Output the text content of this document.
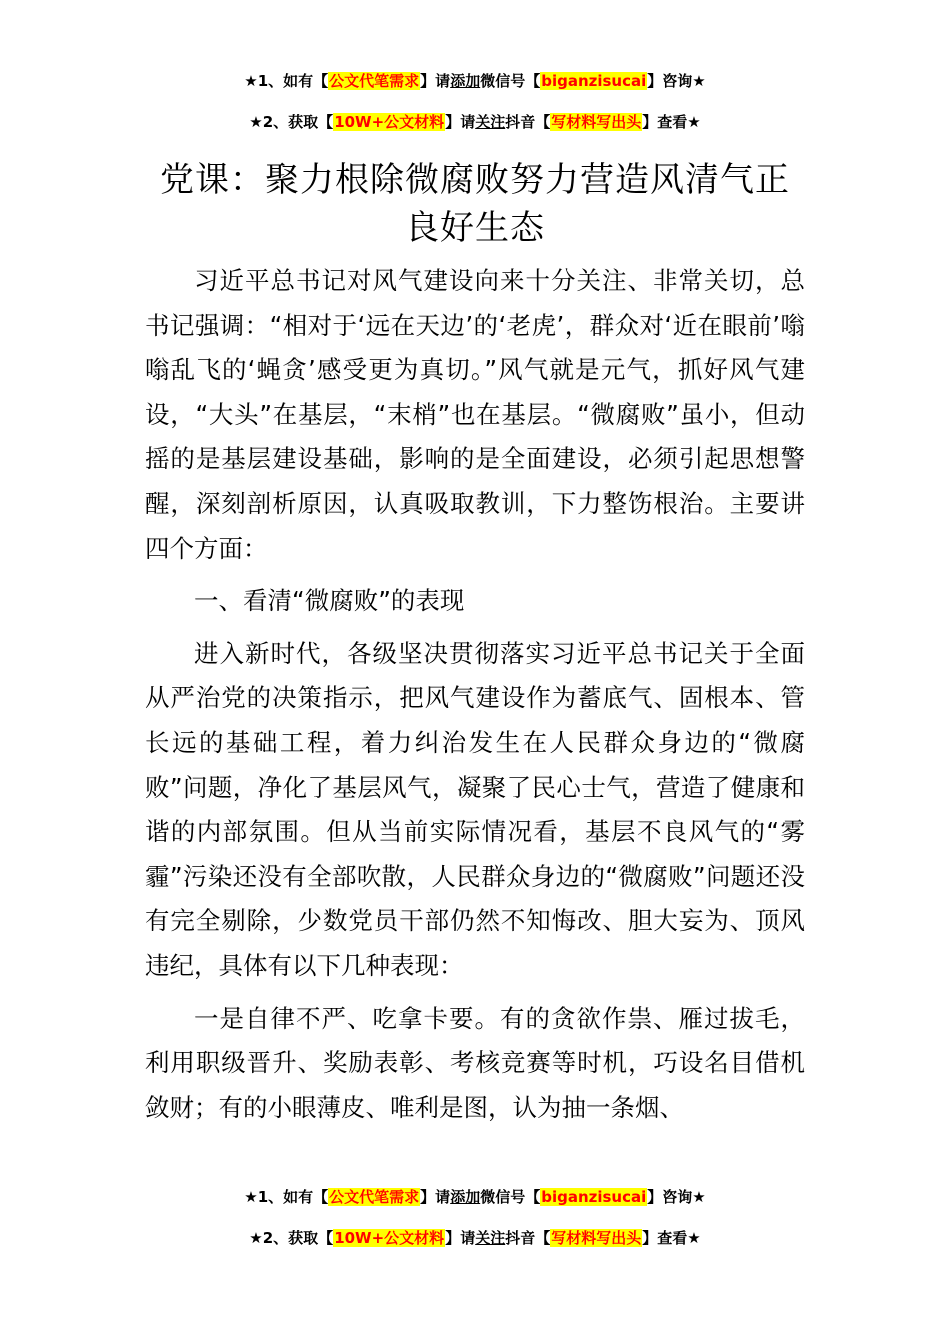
★1、如有【公文代笔需求】请添加微信号【biganzisucai】咨询★
★2、获取【10W+公文材料】请关注抖音【写材料写出头】查看★
党课：聚力根除微腐败努力营造风清气正良好生态

习近平总书记对风气建设向来十分关注、非常关切，总书记强调：“相对于‘远在天边’的‘老虎’，群众对‘近在眼前’嗡嗡乱飞的‘蝇贪’感受更为真切。”风气就是元气，抓好风气建设，“大头”在基层，“末梢”也在基层。“微腐败”虽小，但动摇的是基层建设基础，影响的是全面建设，必须引起思想警醒，深刻剖析原因，认真吸取教训，下力整饬根治。主要讲四个方面：

一、看清“微腐败”的表现

进入新时代，各级坚决贯彻落实习近平总书记关于全面从严治党的决策指示，把风气建设作为蓄底气、固根本、管长远的基础工程，着力纠治发生在人民群众身边的“微腐败”问题，净化了基层风气，凝聚了民心士气，营造了健康和谐的内部氛围。但从当前实际情况看，基层不良风气的“雾霾”污染还没有全部吹散，人民群众身边的“微腐败”问题还没有完全剔除，少数党员干部仍然不知悔改、胆大妄为、顶风违纪，具体有以下几种表现：

一是自律不严、吃拿卡要。有的贪欲作祟、雁过拔毛，利用职级晋升、奖励表彰、考核竞赛等时机，巧设名目借机敛财；有的小眼薄皮、唯利是图，认为抽一条烟、

★1、如有【公文代笔需求】请添加微信号【biganzisucai】咨询★
★2、获取【10W+公文材料】请关注抖音【写材料写出头】查看★
